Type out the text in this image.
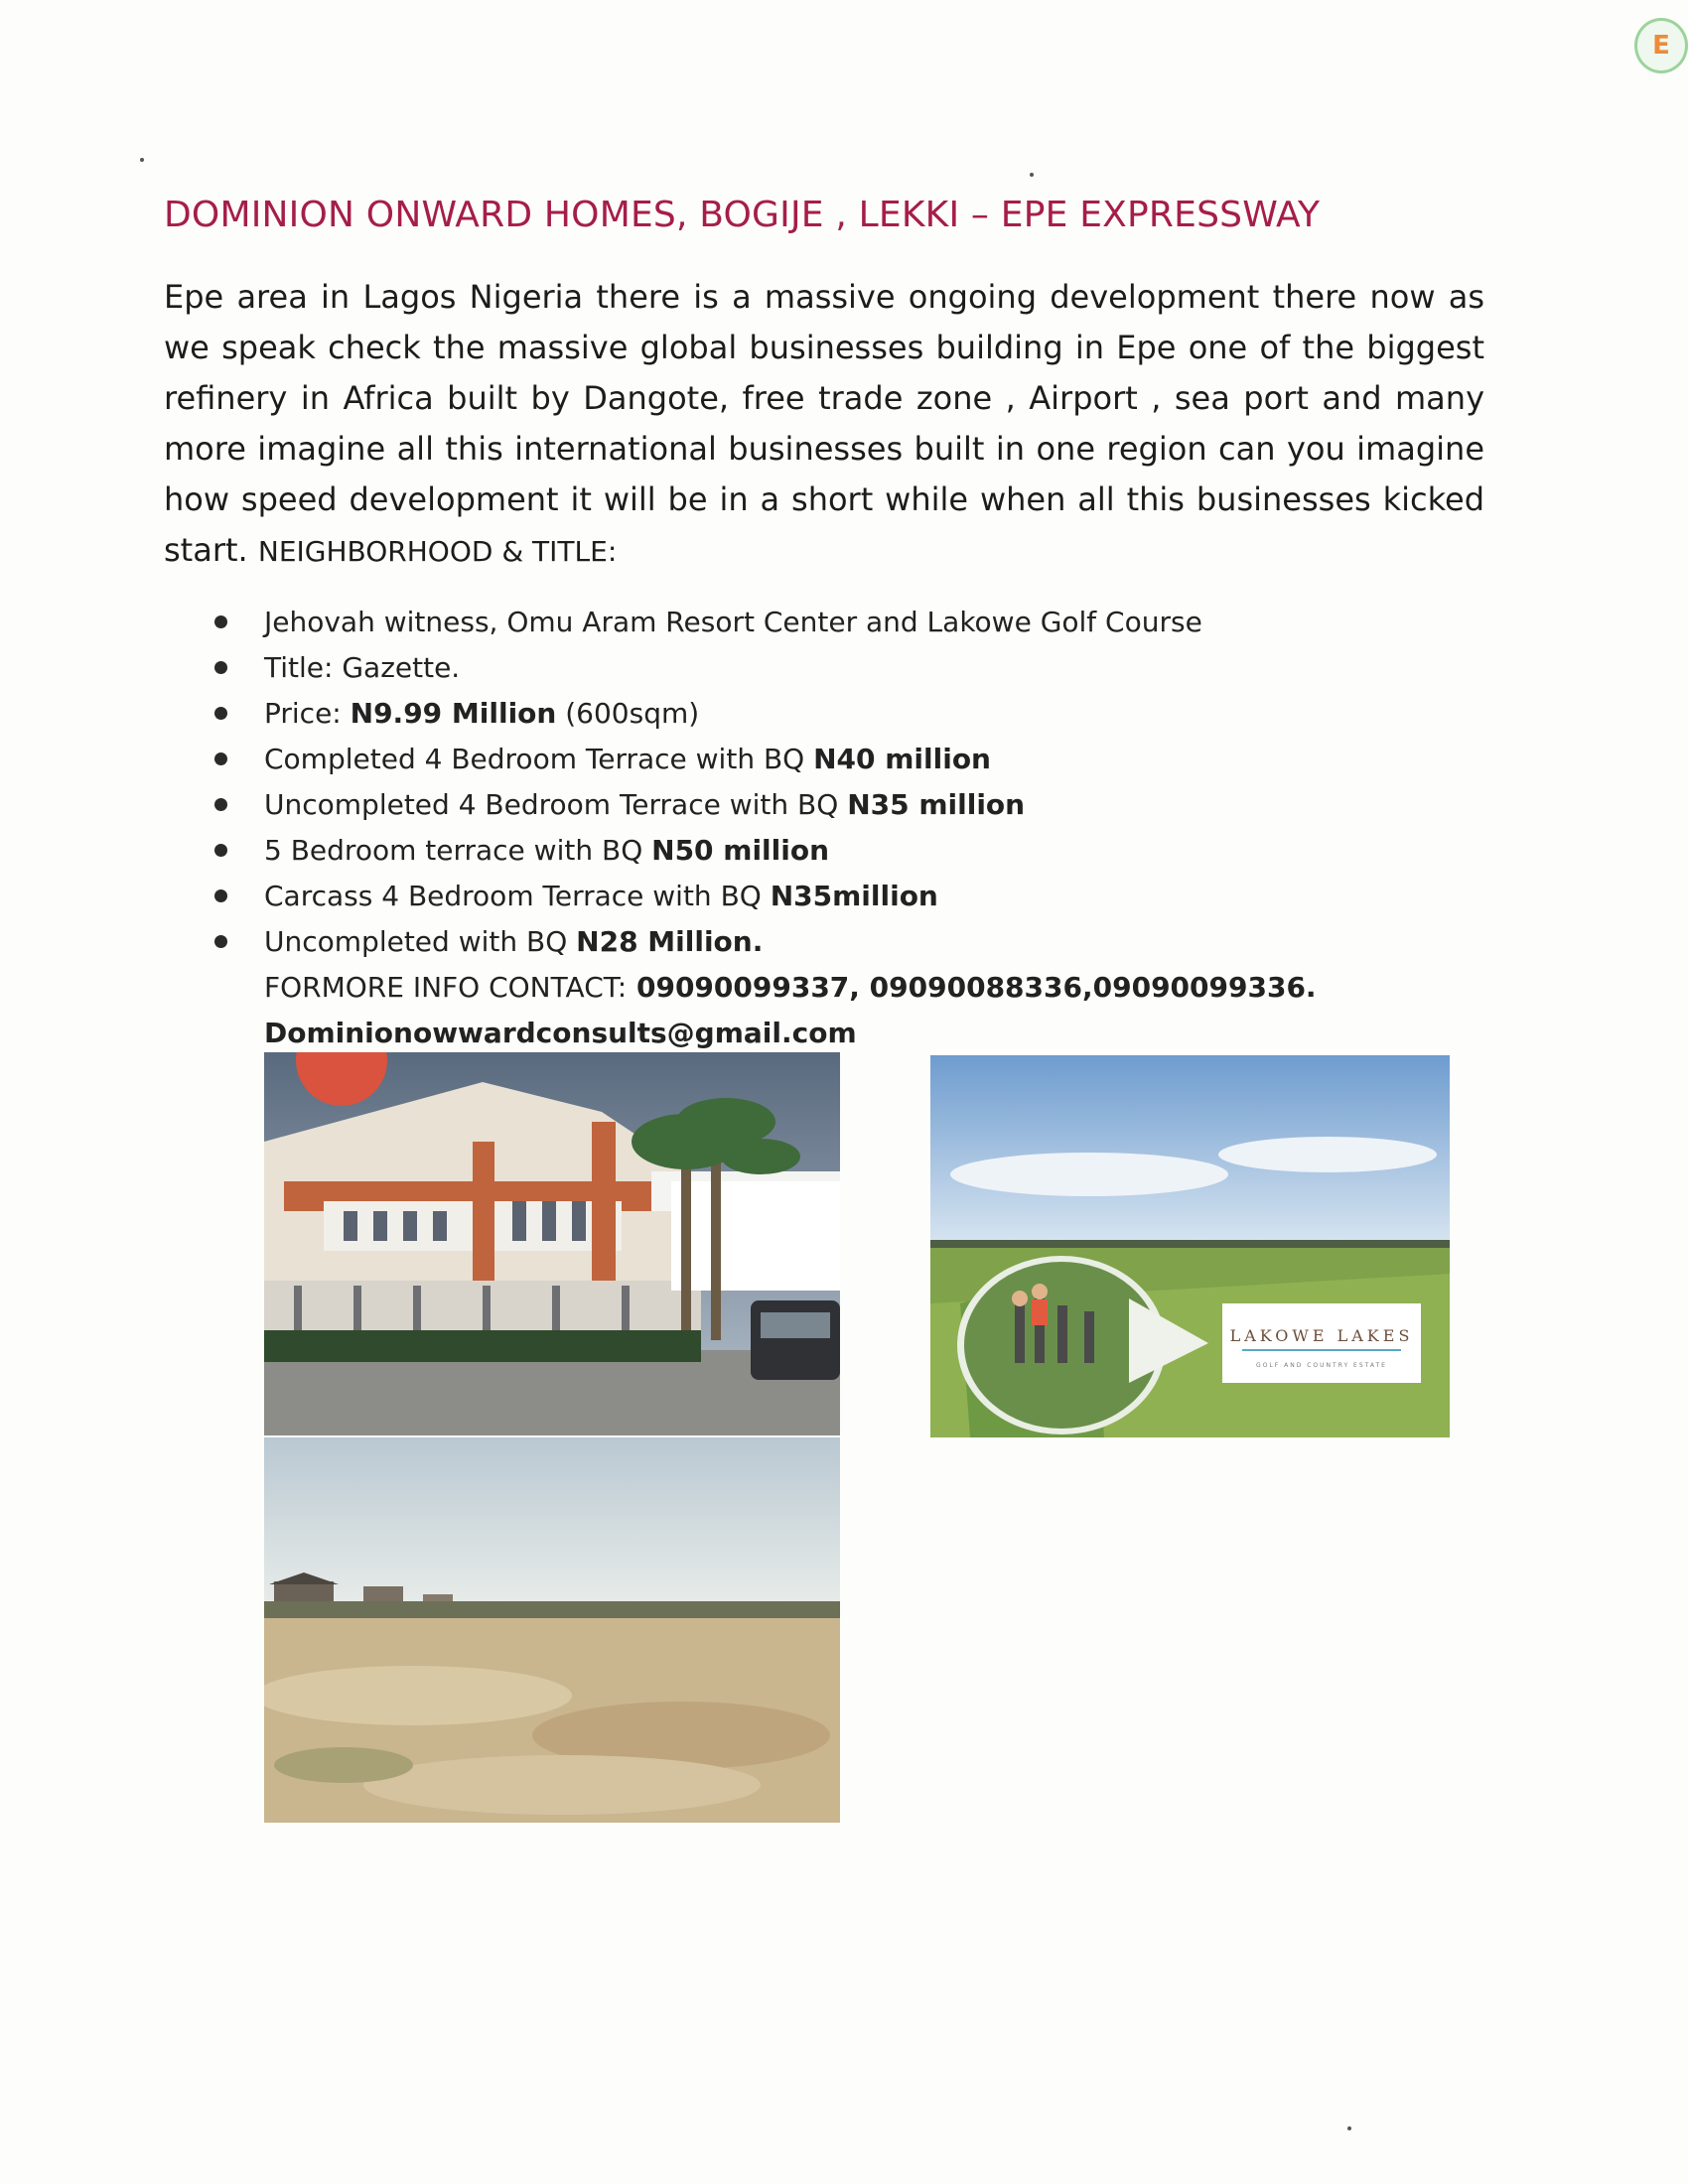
E
DOMINION ONWARD HOMES, BOGIJE , LEKKI – EPE EXPRESSWAY

Epe area in Lagos Nigeria there is a massive ongoing development there now as we speak check the massive global businesses building in Epe one of the biggest refinery in Africa built by Dangote, free trade zone , Airport , sea port and many more imagine all this international businesses built in one region can you imagine how speed development it will be in a short while when all this businesses kicked start. NEIGHBORHOOD & TITLE:

Jehovah witness, Omu Aram Resort Center and Lakowe Golf Course
Title: Gazette.
Price: N9.99 Million (600sqm)
Completed 4 Bedroom Terrace with BQ N40 million
Uncompleted 4 Bedroom Terrace with BQ N35 million
5 Bedroom terrace with BQ N50 million
Carcass 4 Bedroom Terrace with BQ N35million
Uncompleted with BQ N28 Million.
FORMORE INFO CONTACT: 09090099337, 09090088336,09090099336.
Dominionowwardconsults@gmail.com
LAKOWE LAKES
GOLF AND COUNTRY ESTATE
